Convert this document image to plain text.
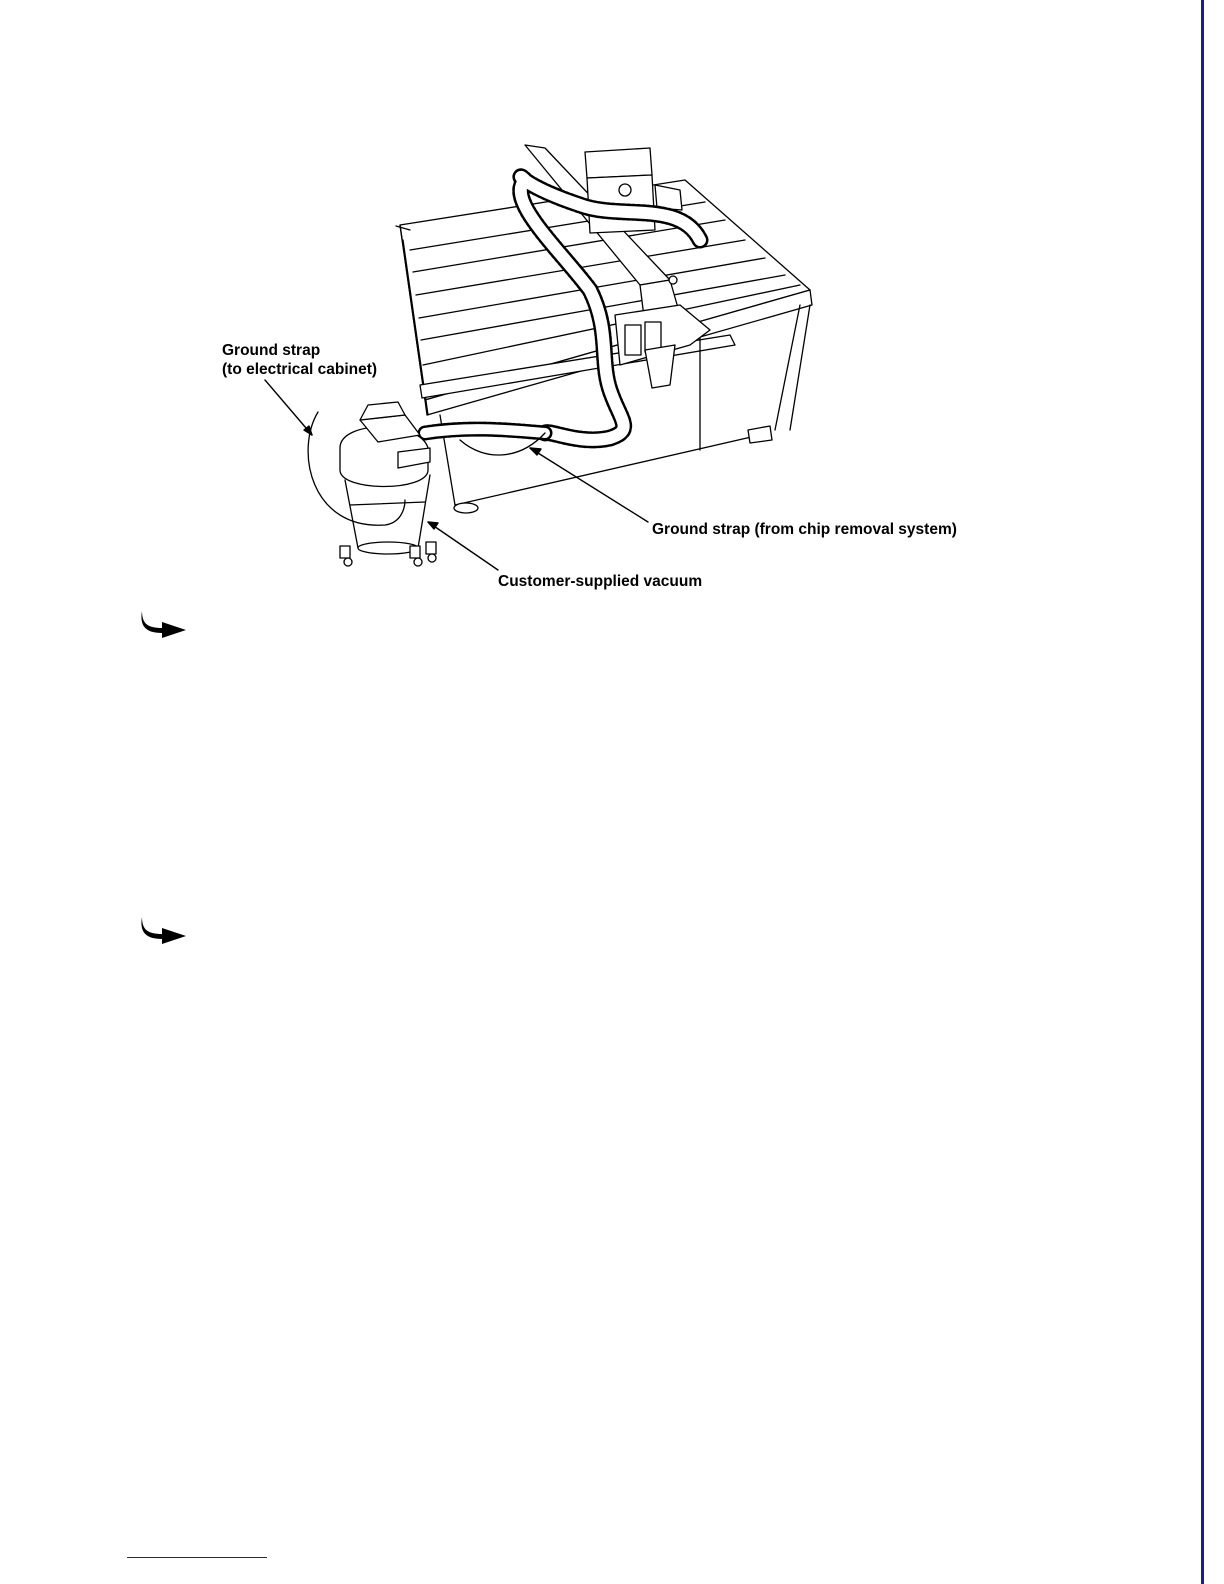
Ground strap
(to electrical cabinet)
Ground strap (from chip removal system)
Customer-supplied vacuum
